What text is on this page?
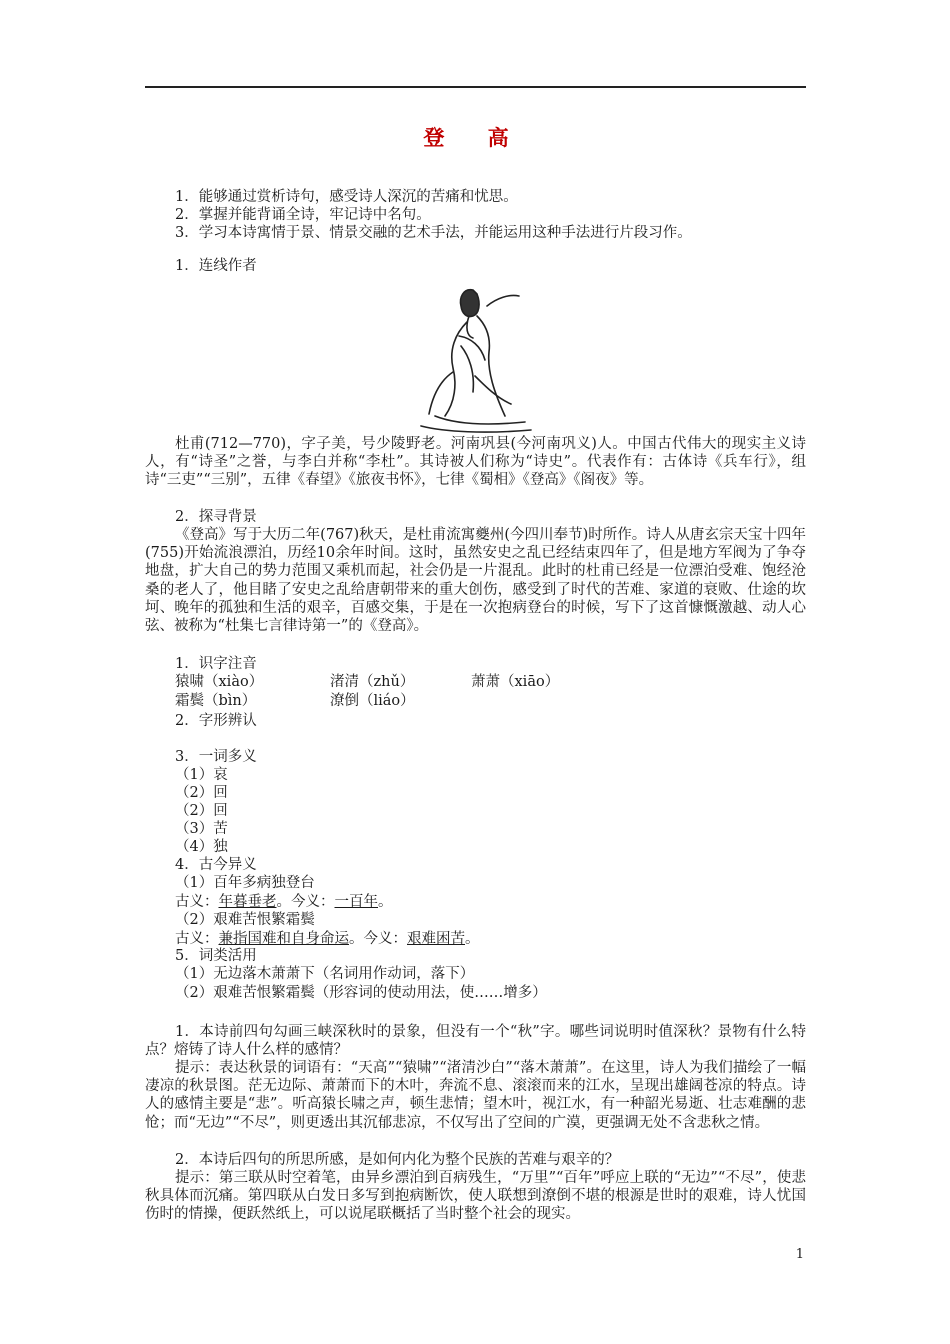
登 高
1．能够通过赏析诗句，感受诗人深沉的苦痛和忧思。
2．掌握并能背诵全诗，牢记诗中名句。
3．学习本诗寓情于景、情景交融的艺术手法，并能运用这种手法进行片段习作。
1．连线作者
杜甫(712—770)，字子美，号少陵野老。河南巩县(今河南巩义)人。中国古代伟大的现实主义诗人，有“诗圣”之誉，与李白并称“李杜”。其诗被人们称为“诗史”。代表作有：古体诗《兵车行》，组诗“三吏”“三别”，五律《春望》《旅夜书怀》，七律《蜀相》《登高》《阁夜》等。
2．探寻背景
《登高》写于大历二年(767)秋天，是杜甫流寓夔州(今四川奉节)时所作。诗人从唐玄宗天宝十四年(755)开始流浪漂泊，历经10余年时间。这时，虽然安史之乱已经结束四年了，但是地方军阀为了争夺地盘，扩大自己的势力范围又乘机而起，社会仍是一片混乱。此时的杜甫已经是一位漂泊受难、饱经沧桑的老人了，他目睹了安史之乱给唐朝带来的重大创伤，感受到了时代的苦难、家道的衰败、仕途的坎坷、晚年的孤独和生活的艰辛，百感交集，于是在一次抱病登台的时候，写下了这首慷慨激越、动人心弦、被称为“杜集七言律诗第一”的《登高》。
1．识字注音
猿啸（xiào）	渚清（zhǔ）	萧萧（xiāo）
霜鬓（bìn）	潦倒（liáo）
2．字形辨认
3．一词多义
（1）哀
（2）回
（2）回
（3）苦
（4）独
4．古今异义
（1）百年多病独登台
古义：年暮垂老。今义：一百年。
（2）艰难苦恨繁霜鬓
古义：兼指国难和自身命运。今义：艰难困苦。
5．词类活用
（1）无边落木萧萧下（名词用作动词，落下）
（2）艰难苦恨繁霜鬓（形容词的使动用法，使……增多）
1．本诗前四句勾画三峡深秋时的景象，但没有一个“秋”字。哪些词说明时值深秋？景物有什么特点？熔铸了诗人什么样的感情？
提示：表达秋景的词语有：“天高”“猿啸”“渚清沙白”“落木萧萧”。在这里，诗人为我们描绘了一幅凄凉的秋景图。茫无边际、萧萧而下的木叶，奔流不息、滚滚而来的江水，呈现出雄阔苍凉的特点。诗人的感情主要是“悲”。听高猿长啸之声，顿生悲情；望木叶，视江水，有一种韶光易逝、壮志难酬的悲怆；而“无边”“不尽”，则更透出其沉郁悲凉，不仅写出了空间的广漠，更强调无处不含悲秋之情。
2．本诗后四句的所思所感，是如何内化为整个民族的苦难与艰辛的？
提示：第三联从时空着笔，由异乡漂泊到百病残生，“万里”“百年”呼应上联的“无边”“不尽”，使悲秋具体而沉痛。第四联从白发日多写到抱病断饮，使人联想到潦倒不堪的根源是世时的艰难，诗人忧国伤时的情操，便跃然纸上，可以说尾联概括了当时整个社会的现实。
1
